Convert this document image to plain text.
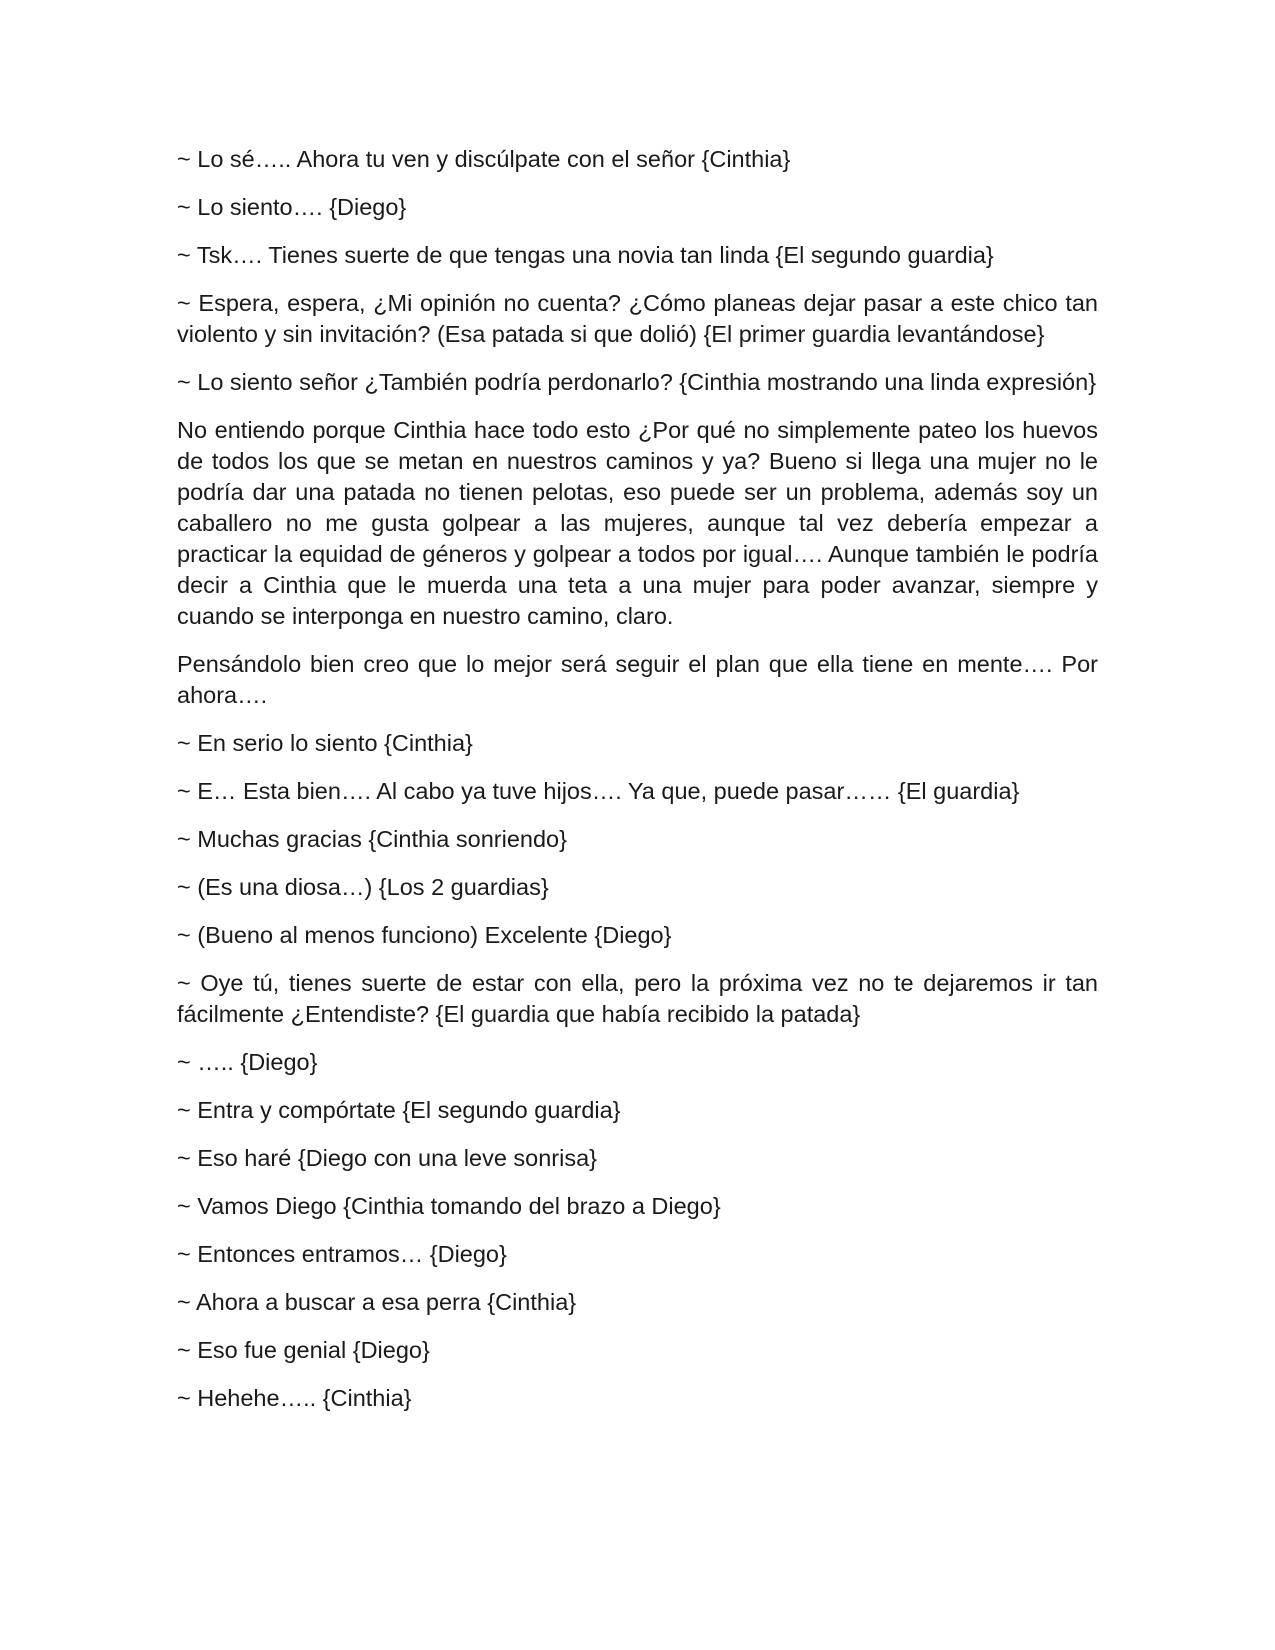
~ Lo sé….. Ahora tu ven y discúlpate con el señor {Cinthia}

~ Lo siento…. {Diego}

~ Tsk…. Tienes suerte de que tengas una novia tan linda {El segundo guardia}

~ Espera, espera, ¿Mi opinión no cuenta? ¿Cómo planeas dejar pasar a este chico tan violento y sin invitación? (Esa patada si que dolió) {El primer guardia levantándose}

~ Lo siento señor ¿También podría perdonarlo? {Cinthia mostrando una linda expresión}

No entiendo porque Cinthia hace todo esto ¿Por qué no simplemente pateo los huevos de todos los que se metan en nuestros caminos y ya? Bueno si llega una mujer no le podría dar una patada no tienen pelotas, eso puede ser un problema, además soy un caballero no me gusta golpear a las mujeres, aunque tal vez debería empezar a practicar la equidad de géneros y golpear a todos por igual…. Aunque también le podría decir a Cinthia que le muerda una teta a una mujer para poder avanzar, siempre y cuando se interponga en nuestro camino, claro.

Pensándolo bien creo que lo mejor será seguir el plan que ella tiene en mente…. Por ahora….

~ En serio lo siento {Cinthia}

~ E… Esta bien…. Al cabo ya tuve hijos…. Ya que, puede pasar…… {El guardia}

~ Muchas gracias {Cinthia sonriendo}

~ (Es una diosa…) {Los 2 guardias}

~ (Bueno al menos funciono) Excelente {Diego}

~ Oye tú, tienes suerte de estar con ella, pero la próxima vez no te dejaremos ir tan fácilmente ¿Entendiste? {El guardia que había recibido la patada}

~ ….. {Diego}

~ Entra y compórtate {El segundo guardia}

~ Eso haré {Diego con una leve sonrisa}

~ Vamos Diego {Cinthia tomando del brazo a Diego}

~ Entonces entramos… {Diego}

~ Ahora a buscar a esa perra {Cinthia}

~ Eso fue genial {Diego}

~ Hehehe….. {Cinthia}
